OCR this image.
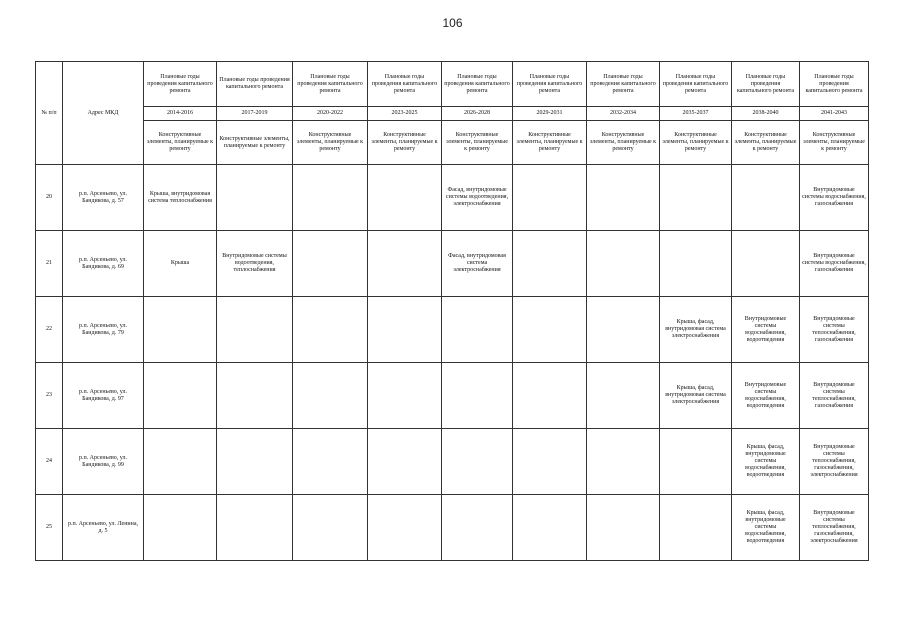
106
№ п/п	Адрес МКД	Плановые годы проведения капитального ремонта	Плановые годы проведения капитального ремонта	Плановые годы проведения капитального ремонта	Плановые годы проведения капитального ремонта	Плановые годы проведения капитального ремонта	Плановые годы проведения капитального ремонта	Плановые годы проведения капитального ремонта	Плановые годы проведения капитального ремонта	Плановые годы проведения капитального ремонта	Плановые годы проведения капитального ремонта
		2014-2016	2017-2019	2020-2022	2023-2025	2026-2028	2029-2031	2032-2034	2035-2037	2038-2040	2041-2043
		Конструктивные элементы, планируемые к ремонту	Конструктивные элементы, планируемые к ремонту	Конструктивные элементы, планируемые к ремонту	Конструктивные элементы, планируемые к ремонту	Конструктивные элементы, планируемые к ремонту	Конструктивные элементы, планируемые к ремонту	Конструктивные элементы, планируемые к ремонту	Конструктивные элементы, планируемые к ремонту	Конструктивные элементы, планируемые к ремонту	Конструктивные элементы, планируемые к ремонту
20	р.п. Арсеньево, ул. Бандикова, д. 57	Крыша, внутридомовая система теплоснабжения				Фасад, внутридомовые системы водоотведения, электроснабжения					Внутридомовые системы водоснабжения, газоснабжения
21	р.п. Арсеньево, ул. Бандикова, д. 69	Крыша	Внутридомовые системы водоотведения, теплоснабжения			Фасад, внутридомовая система электроснабжения					Внутридомовые системы водоснабжения, газоснабжения
22	р.п. Арсеньево, ул. Бандикова, д. 79								Крыша, фасад, внутридомовая система электроснабжения	Внутридомовые системы водоснабжения, водоотведения	Внутридомовые системы теплоснабжения, газоснабжения
23	р.п. Арсеньево, ул. Бандикова, д. 97								Крыша, фасад, внутридомовая система электроснабжения	Внутридомовые системы водоснабжения, водоотведения	Внутридомовые системы теплоснабжения, газоснабжения
24	р.п. Арсеньево, ул. Бандикова, д. 99									Крыша, фасад, внутридомовые системы водоснабжения, водоотведения	Внутридомовые системы теплоснабжения, газоснабжения, электроснабжения
25	р.п. Арсеньево, ул. Ленина, д. 5									Крыша, фасад, внутридомовые системы водоснабжения, водоотведения	Внутридомовые системы теплоснабжения, газоснабжения, электроснабжения
